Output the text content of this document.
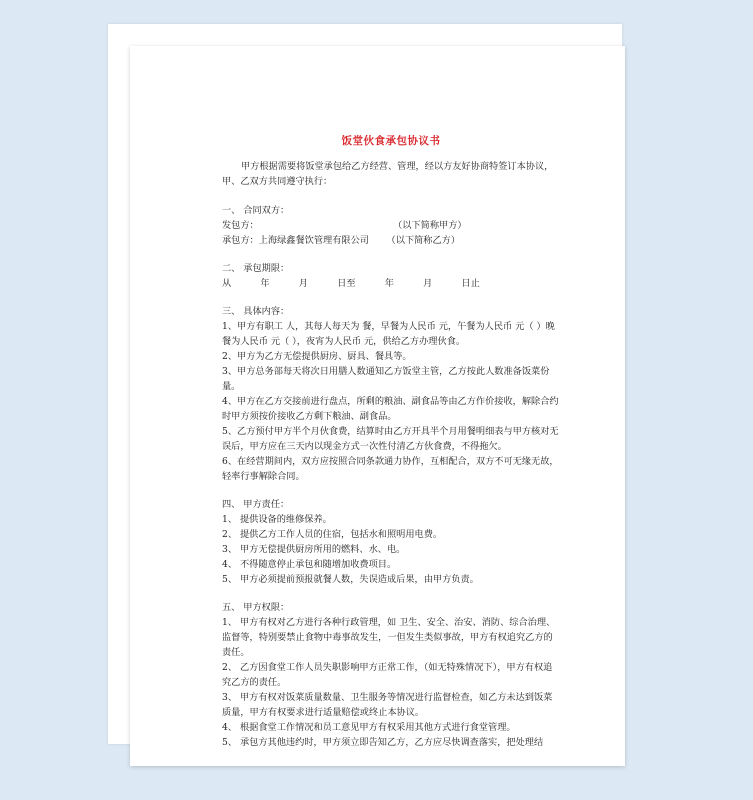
饭堂伙食承包协议书
甲方根据需要将饭堂承包给乙方经营、管理，经以方友好协商特签订本协议，甲、乙双方共同遵守执行：
一、 合同双方：
发包方：                                              （以下简称甲方）
承包方：上海绿鑫餐饮管理有限公司      （以下简称乙方）
二、 承包期限：
从          年          月          日至          年          月          日止
三、 具体内容：
1、甲方有职工 人，其每人每天为 餐，早餐为人民币 元，午餐为人民币 元（ ）晚餐为人民币 元（ ），夜宵为人民币 元，供给乙方办理伙食。
2、甲方为乙方无偿提供厨房、厨具、餐具等。
3、甲方总务部每天将次日用膳人数通知乙方饭堂主管，乙方按此人数准备饭菜份量。
4、甲方在乙方交接前进行盘点，所剩的粮油、副食品等由乙方作价接收，解除合约时甲方须按价接收乙方剩下粮油、副食品。
5、乙方预付甲方半个月伙食费，结算时由乙方开具半个月用餐明细表与甲方核对无误后，甲方应在三天内以现金方式一次性付清乙方伙食费，不得拖欠。
6、在经营期间内，双方应按照合同条款通力协作，互相配合，双方不可无缘无故，轻率行事解除合同。
四、 甲方责任：
1、 提供设备的维修保养。
2、 提供乙方工作人员的住宿，包括水和照明用电费。
3、 甲方无偿提供厨房所用的燃料、水、电。
4、 不得随意停止承包和随增加收费项目。
5、 甲方必须提前预报就餐人数，失误造成后果，由甲方负责。
五、 甲方权限：
1、 甲方有权对乙方进行各种行政管理，如 卫生、安全、治安、消防、综合治理、监督等，特别要禁止食物中毒事故发生，一但发生类似事故，甲方有权追究乙方的责任。
2、 乙方因食堂工作人员失职影响甲方正常工作，（如无特殊情况下），甲方有权追究乙方的责任。
3、 甲方有权对饭菜质量数量、卫生服务等情况进行监督检查，如乙方未达到饭菜质量，甲方有权要求进行适量赔偿或终止本协议。
4、 根据食堂工作情况和员工意见甲方有权采用其他方式进行食堂管理。
5、 承包方其他违约时，甲方须立即告知乙方，乙方应尽快调查落实，把处理结
